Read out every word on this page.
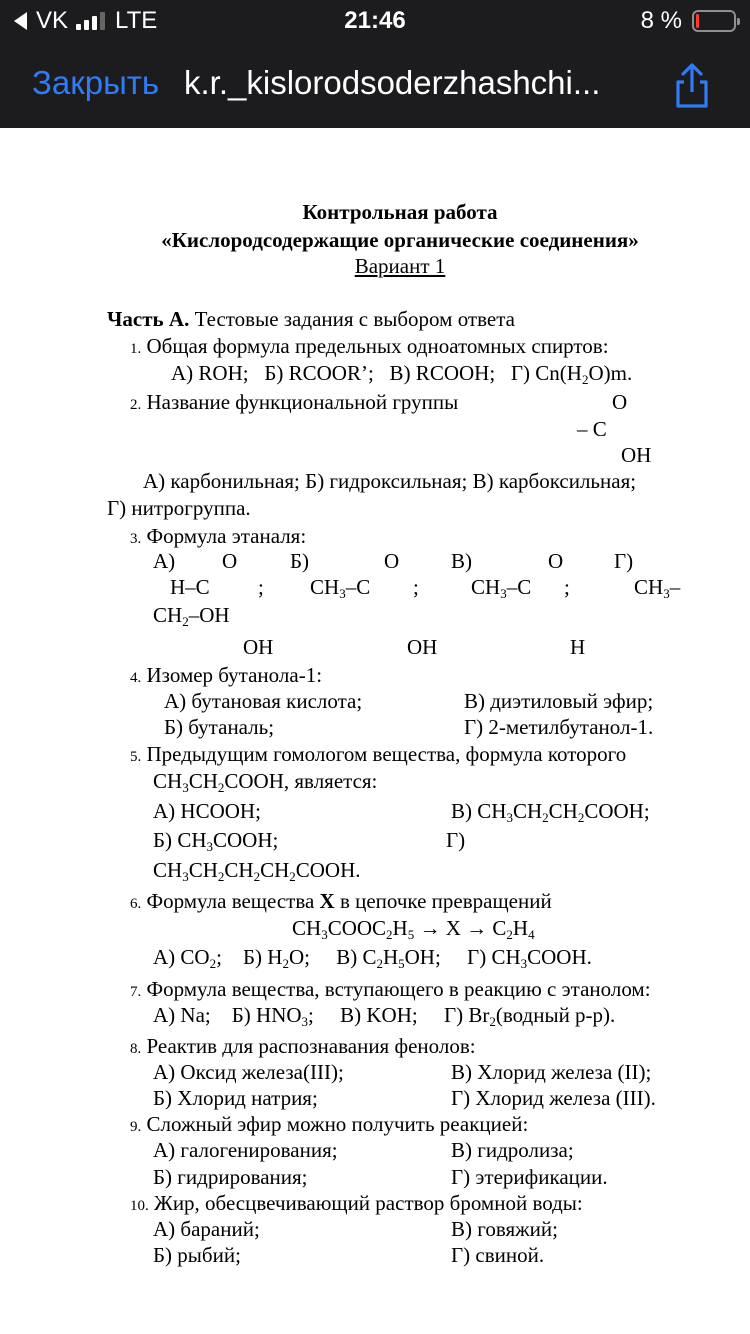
VK LTE	21:46	8 %
Закрыть k.r._kislorodsoderzhashchi...
Контрольная работа
«Кислородсодержащие органические соединения»
Вариант 1
Часть А. Тестовые задания с выбором ответа
1. Общая формула предельных одноатомных спиртов:
А) ROH;   Б) RCOOR’;   В) RCOOH;   Г) $Cn(H_2O)m$.
2. Название функциональной группы	O
– C
OH
А) карбонильная; Б) гидроксильная; В) карбоксильная;
Г) нитрогруппа.
3. Формула этаналя:
А) O	Б)	O В)	O Г)
H–C ; $CH_3-C$ ; $CH_3-C$ ;	$CH_3-$
$CH_2-OH$
OH	OH	H
4. Изомер бутанола-1:
А) бутановая кислота;	В) диэтиловый эфир;
Б) бутаналь;	Г) 2-метилбутанол-1.
5. Предыдущим гомологом вещества, формула которого
$CH_3CH_2COOH$, является:
А) HCOOH;	В) $CH_3CH_2CH_2COOH$;
Б) $CH_3COOH$;	Г)
$CH_3CH_2CH_2CH_2COOH$.
6. Формула вещества X в цепочке превращений
$CH_3COOC_2H_5 \to X \to C_2H_4$
А) $CO_2$;    Б) $H_2O$;     В) $C_2H_5OH$;     Г) $CH_3COOH$.
7. Формула вещества, вступающего в реакцию с этанолом:
А) Na; Б) $HNO_3$;     В) KOH; Г) $Br_2(водный$ р-р).
8. Реактив для распознавания фенолов:
А) Оксид железа(III);	В) Хлорид железа (II);
Б) Хлорид натрия;	Г) Хлорид железа (III).
9. Сложный эфир можно получить реакцией:
А) галогенирования;	В) гидролиза;
Б) гидрирования;	Г) этерификации.
10. Жир, обесцвечивающий раствор бромной воды:
А) бараний;	В) говяжий;
Б) рыбий;	Г) свиной.
